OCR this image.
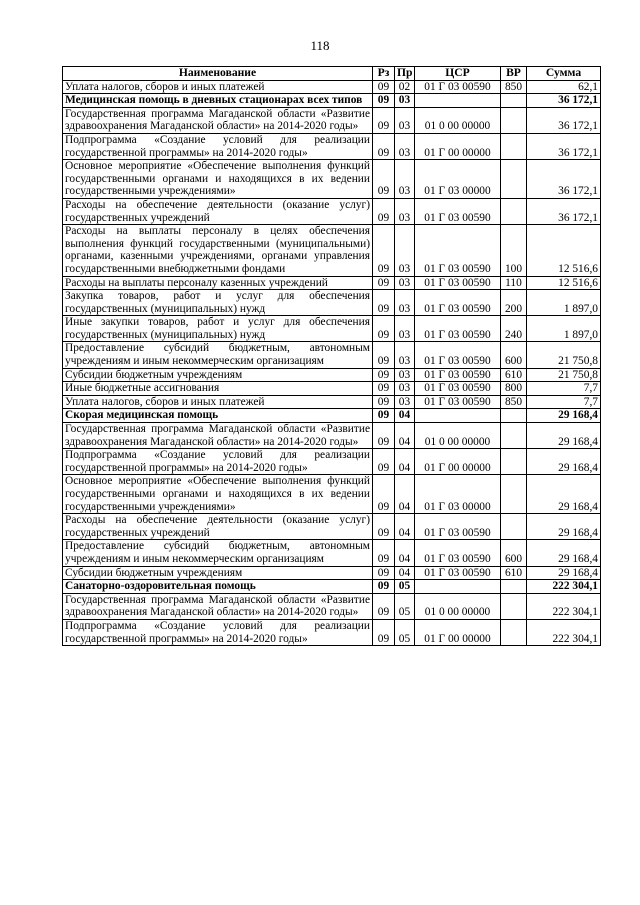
118
Наименование	Рз	Пр	ЦСР	ВР	Сумма
Уплата налогов, сборов и иных платежей	09	02	01 Г 03 00590	850	62,1
Медицинская помощь в дневных стационарах всех типов	09	03			36 172,1
Государственная программа Магаданской области «Развитие здравоохранения Магаданской области» на 2014-2020 годы»	09	03	01 0 00 00000		36 172,1
Подпрограмма «Создание условий для реализации государственной программы» на 2014-2020 годы»	09	03	01 Г 00 00000		36 172,1
Основное мероприятие «Обеспечение выполнения функций государственными органами и находящихся в их ведении государственными учреждениями»	09	03	01 Г 03 00000		36 172,1
Расходы на обеспечение деятельности (оказание услуг) государственных учреждений	09	03	01 Г 03 00590		36 172,1
Расходы на выплаты персоналу в целях обеспечения выполнения функций государственными (муниципальными) органами, казенными учреждениями, органами управления государственными внебюджетными фондами	09	03	01 Г 03 00590	100	12 516,6
Расходы на выплаты персоналу казенных учреждений	09	03	01 Г 03 00590	110	12 516,6
Закупка товаров, работ и услуг для обеспечения государственных (муниципальных) нужд	09	03	01 Г 03 00590	200	1 897,0
Иные закупки товаров, работ и услуг для обеспечения государственных (муниципальных) нужд	09	03	01 Г 03 00590	240	1 897,0
Предоставление субсидий бюджетным, автономным учреждениям и иным некоммерческим организациям	09	03	01 Г 03 00590	600	21 750,8
Субсидии бюджетным учреждениям	09	03	01 Г 03 00590	610	21 750,8
Иные бюджетные ассигнования	09	03	01 Г 03 00590	800	7,7
Уплата налогов, сборов и иных платежей	09	03	01 Г 03 00590	850	7,7
Скорая медицинская помощь	09	04			29 168,4
Государственная программа Магаданской области «Развитие здравоохранения Магаданской области» на 2014-2020 годы»	09	04	01 0 00 00000		29 168,4
Подпрограмма «Создание условий для реализации государственной программы» на 2014-2020 годы»	09	04	01 Г 00 00000		29 168,4
Основное мероприятие «Обеспечение выполнения функций государственными органами и находящихся в их ведении государственными учреждениями»	09	04	01 Г 03 00000		29 168,4
Расходы на обеспечение деятельности (оказание услуг) государственных учреждений	09	04	01 Г 03 00590		29 168,4
Предоставление субсидий бюджетным, автономным учреждениям и иным некоммерческим организациям	09	04	01 Г 03 00590	600	29 168,4
Субсидии бюджетным учреждениям	09	04	01 Г 03 00590	610	29 168,4
Санаторно-оздоровительная помощь	09	05			222 304,1
Государственная программа Магаданской области «Развитие здравоохранения Магаданской области» на 2014-2020 годы»	09	05	01 0 00 00000		222 304,1
Подпрограмма «Создание условий для реализации государственной программы» на 2014-2020 годы»	09	05	01 Г 00 00000		222 304,1
